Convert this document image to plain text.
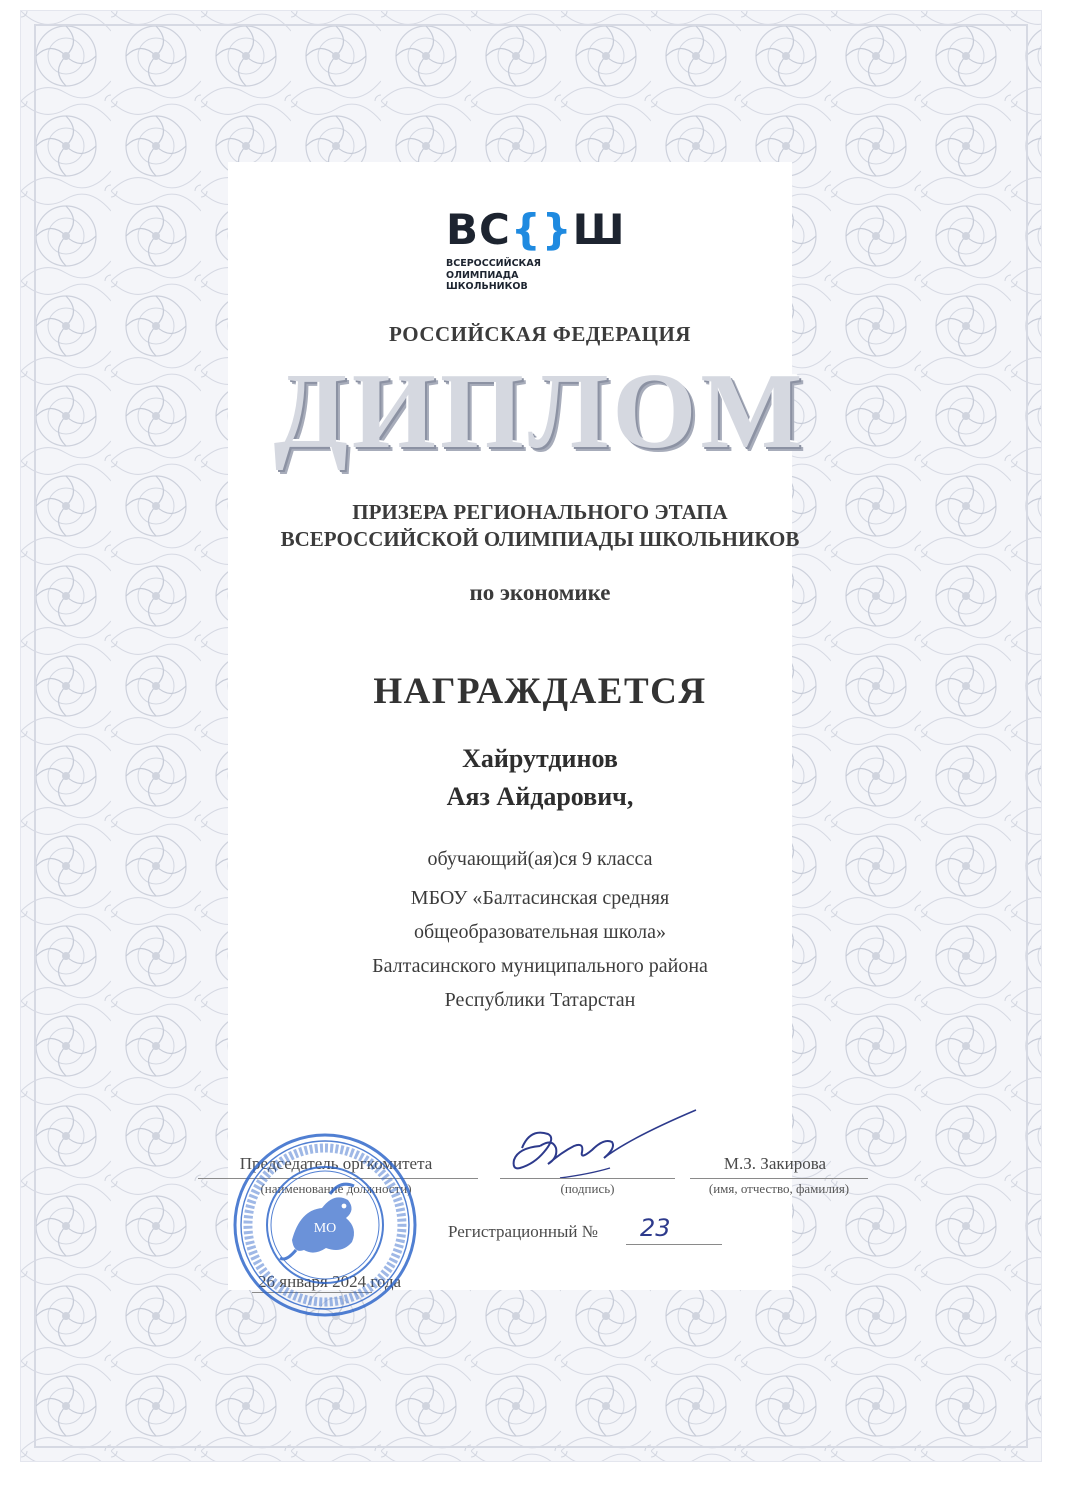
ВС{}Ш
ВСЕРОССИЙСКАЯ
ОЛИМПИАДА
ШКОЛЬНИКОВ
РОССИЙСКАЯ ФЕДЕРАЦИЯ
ДИПЛОМ
ПРИЗЕРА РЕГИОНАЛЬНОГО ЭТАПА
ВСЕРОССИЙСКОЙ ОЛИМПИАДЫ ШКОЛЬНИКОВ
по экономике
НАГРАЖДАЕТСЯ
Хайрутдинов
Аяз Айдарович,
обучающий(ая)ся 9 класса
МБОУ «Балтасинская средняя
общеобразовательная школа»
Балтасинского муниципального района
Республики Татарстан
Председатель оргкомитета
(наименование должности)	(подпись)
М.З. Закирова
(имя, отчество, фамилия)
Регистрационный № 23
26 января 2024 года
МО
